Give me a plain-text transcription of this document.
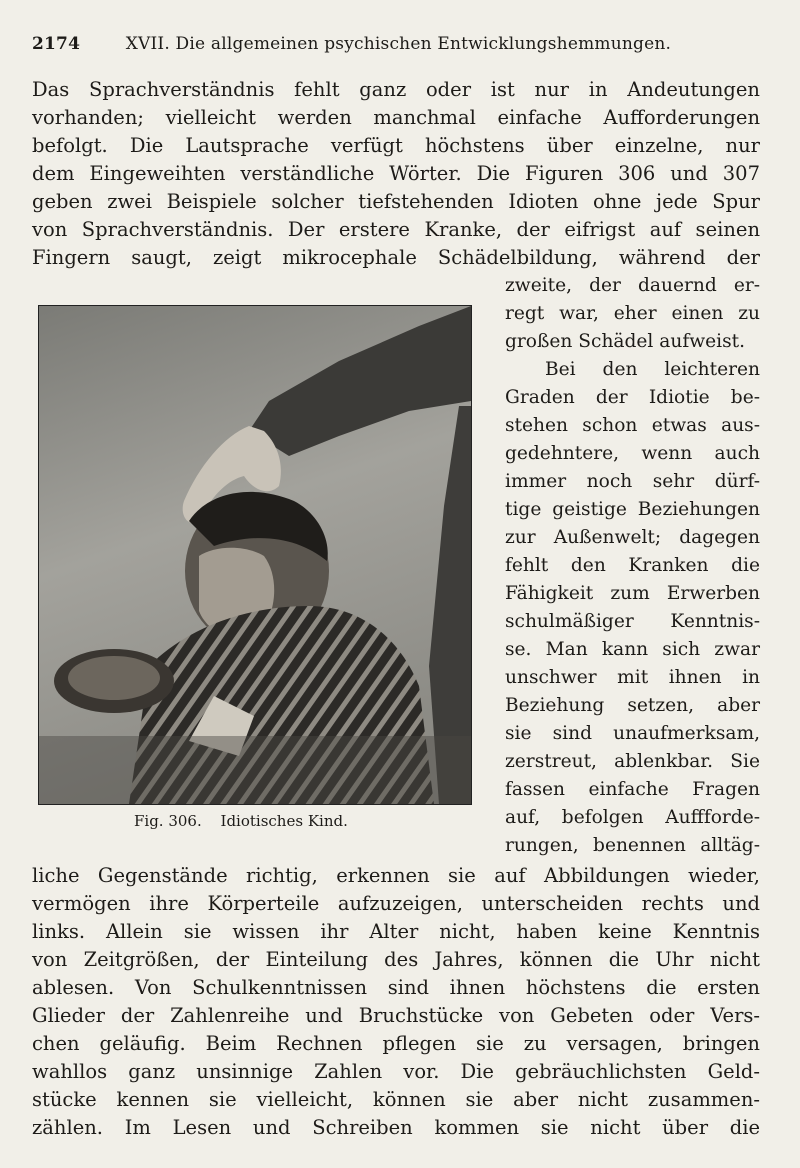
2174	XVII. Die allgemeinen psychischen Entwicklungshemmungen.
Das Sprachverständnis fehlt ganz oder ist nur in Andeutungen
vorhanden; vielleicht werden manchmal einfache Aufforderungen
befolgt. Die Lautsprache verfügt höchstens über einzelne, nur
dem Eingeweihten verständliche Wörter. Die Figuren 306 und 307
geben zwei Beispiele solcher tiefstehenden Idioten ohne jede Spur
von Sprachverständnis. Der erstere Kranke, der eifrigst auf seinen
Fingern saugt, zeigt mikrocephale Schädelbildung, während der
zweite, der dauernd er-
regt war, eher einen zu
großen Schädel aufweist.
Bei den leichteren
Graden der Idiotie be-
stehen schon etwas aus-
gedehntere, wenn auch
immer noch sehr dürf-
tige geistige Beziehungen
zur Außenwelt; dagegen
fehlt den Kranken die
Fähigkeit zum Erwerben
schulmäßiger Kenntnis-
se. Man kann sich zwar
unschwer mit ihnen in
Beziehung setzen, aber
sie sind unaufmerksam,
zerstreut, ablenkbar. Sie
fassen einfache Fragen
auf, befolgen Auffforde-
rungen, benennen alltäg-
Fig. 306. Idiotisches Kind.
liche Gegenstände richtig, erkennen sie auf Abbildungen wieder,
vermögen ihre Körperteile aufzuzeigen, unterscheiden rechts und
links. Allein sie wissen ihr Alter nicht, haben keine Kenntnis
von Zeitgrößen, der Einteilung des Jahres, können die Uhr nicht
ablesen. Von Schulkenntnissen sind ihnen höchstens die ersten
Glieder der Zahlenreihe und Bruchstücke von Gebeten oder Vers-
chen geläufig. Beim Rechnen pflegen sie zu versagen, bringen
wahllos ganz unsinnige Zahlen vor. Die gebräuchlichsten Geld-
stücke kennen sie vielleicht, können sie aber nicht zusammen-
zählen. Im Lesen und Schreiben kommen sie nicht über die
